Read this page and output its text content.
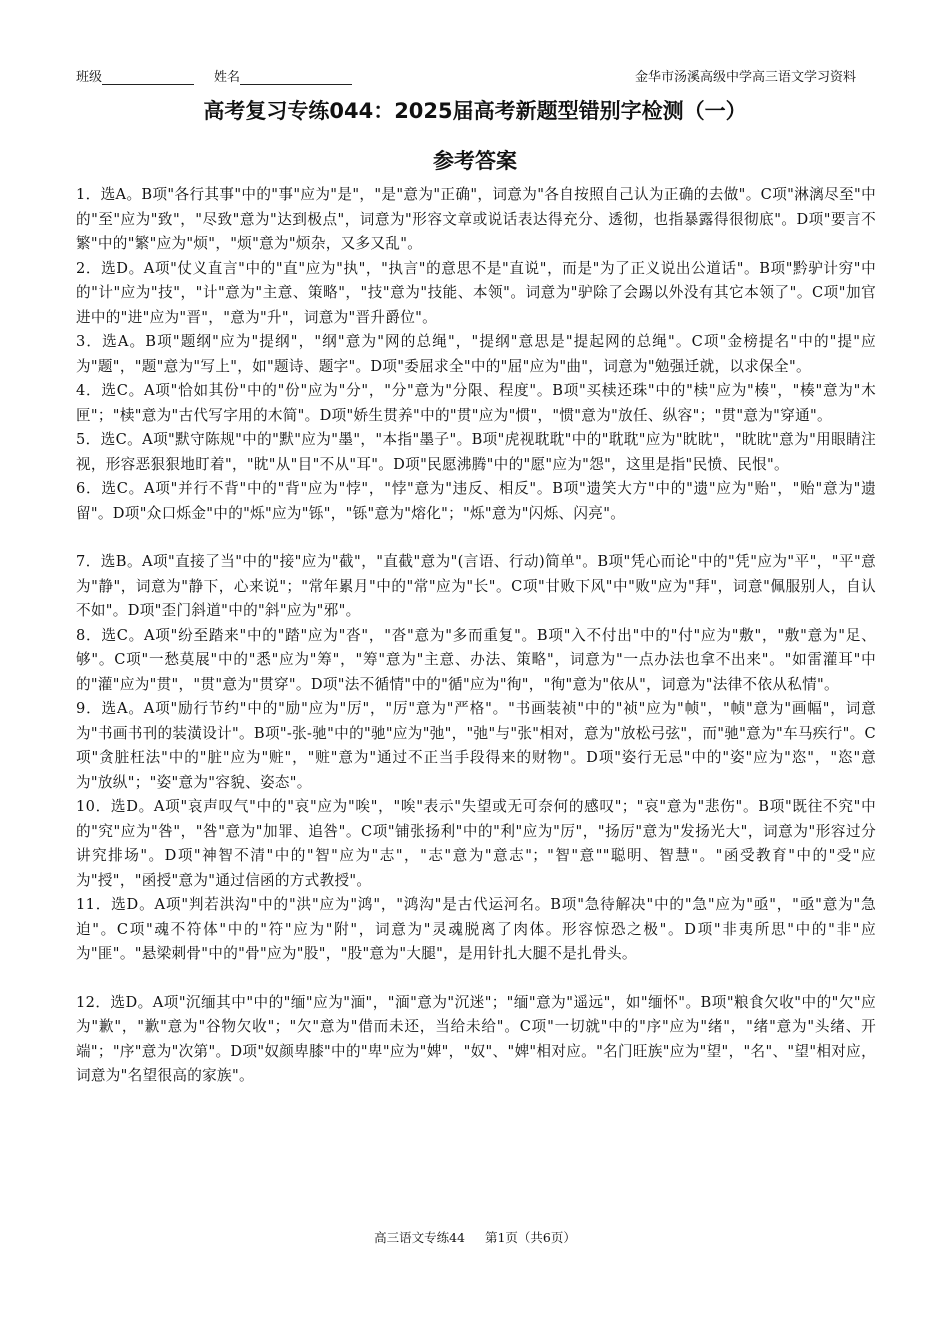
班级	姓名	金华市汤溪高级中学高三语文学习资料
高考复习专练044：2025届高考新题型错别字检测（一）
参考答案

1．选A。B项"各行其事"中的"事"应为"是"，"是"意为"正确"，词意为"各自按照自己认为正确的去做"。C项"淋漓尽至"中的"至"应为"致"，"尽致"意为"达到极点"，词意为"形容文章或说话表达得充分、透彻，也指暴露得很彻底"。D项"要言不繁"中的"繁"应为"烦"，"烦"意为"烦杂，又多又乱"。

2．选D。A项"仗义直言"中的"直"应为"执"，"执言"的意思不是"直说"，而是"为了正义说出公道话"。B项"黔驴计穷"中的"计"应为"技"，"计"意为"主意、策略"，"技"意为"技能、本领"。词意为"驴除了会踢以外没有其它本领了"。C项"加官进中的"进"应为"晋"，"意为"升"，词意为"晋升爵位"。

3．选A。B项"题纲"应为"提纲"，"纲"意为"网的总绳"，"提纲"意思是"提起网的总绳"。C项"金榜提名"中的"提"应为"题"，"题"意为"写上"，如"题诗、题字"。D项"委屈求全"中的"屈"应为"曲"，词意为"勉强迁就，以求保全"。

4．选C。A项"恰如其份"中的"份"应为"分"，"分"意为"分限、程度"。B项"买椟还珠"中的"椟"应为"楱"，"楱"意为"木匣"；"椟"意为"古代写字用的木简"。D项"娇生贯养"中的"贯"应为"惯"，"惯"意为"放任、纵容"；"贯"意为"穿通"。

5．选C。A项"默守陈规"中的"默"应为"墨"，"本指"墨子"。B项"虎视耽耽"中的"耽耽"应为"眈眈"，"眈眈"意为"用眼睛注视，形容恶狠狠地盯着"，"眈"从"目"不从"耳"。D项"民愿沸腾"中的"愿"应为"怨"，这里是指"民愤、民恨"。

6．选C。A项"并行不背"中的"背"应为"悖"，"悖"意为"违反、相反"。B项"遗笑大方"中的"遗"应为"贻"，"贻"意为"遗留"。D项"众口烁金"中的"烁"应为"铄"，"铄"意为"熔化"；"烁"意为"闪烁、闪亮"。

7．选B。A项"直接了当"中的"接"应为"截"，"直截"意为"(言语、行动)简单"。B项"凭心而论"中的"凭"应为"平"，"平"意为"静"，词意为"静下，心来说"；"常年累月"中的"常"应为"长"。C项"甘败下风"中"败"应为"拜"，词意"佩服别人，自认不如"。D项"歪门斜道"中的"斜"应为"邪"。

8．选C。A项"纷至踏来"中的"踏"应为"沓"，"沓"意为"多而重复"。B项"入不付出"中的"付"应为"敷"，"敷"意为"足、够"。C项"一愁莫展"中的"悉"应为"筹"，"筹"意为"主意、办法、策略"，词意为"一点办法也拿不出来"。"如雷灌耳"中的"灌"应为"贯"，"贯"意为"贯穿"。D项"法不循情"中的"循"应为"徇"，"徇"意为"依从"，词意为"法律不依从私情"。

9．选A。A项"励行节约"中的"励"应为"厉"，"厉"意为"严格"。"书画装祯"中的"祯"应为"帧"，"帧"意为"画幅"，词意为"书画书刊的装潢设计"。B项"-张-驰"中的"驰"应为"弛"，"弛"与"张"相对，意为"放松弓弦"，而"驰"意为"车马疾行"。C项"贪脏枉法"中的"脏"应为"赃"，"赃"意为"通过不正当手段得来的财物"。D项"姿行无忌"中的"姿"应为"恣"，"恣"意为"放纵"；"姿"意为"容貌、姿态"。

10．选D。A项"哀声叹气"中的"哀"应为"唉"，"唉"表示"失望或无可奈何的感叹"；"哀"意为"悲伤"。B项"既往不究"中的"究"应为"咎"，"咎"意为"加罪、追咎"。C项"铺张扬利"中的"利"应为"厉"，"扬厉"意为"发扬光大"，词意为"形容过分讲究排场"。D项"神智不清"中的"智"应为"志"，"志"意为"意志"；"智"意""聪明、智慧"。"函受教育"中的"受"应为"授"，"函授"意为"通过信函的方式教授"。

11．选D。A项"判若洪沟"中的"洪"应为"鸿"，"鸿沟"是古代运河名。B项"急待解决"中的"急"应为"亟"，"亟"意为"急迫"。C项"魂不符体"中的"符"应为"附"，词意为"灵魂脱离了肉体。形容惊恐之极"。D项"非夷所思"中的"非"应为"匪"。"悬梁刺骨"中的"骨"应为"股"，"股"意为"大腿"，是用针扎大腿不是扎骨头。

12．选D。A项"沉缅其中"中的"缅"应为"湎"，"湎"意为"沉迷"；"缅"意为"遥远"，如"缅怀"。B项"粮食欠收"中的"欠"应为"歉"，"歉"意为"谷物欠收"；"欠"意为"借而未还，当给未给"。C项"一切就"中的"序"应为"绪"，"绪"意为"头绪、开端"；"序"意为"次第"。D项"奴颜卑膝"中的"卑"应为"婢"，"奴"、"婢"相对应。"名门旺族"应为"望"，"名"、"望"相对应，词意为"名望很高的家族"。

高三语文专练44 第1页（共6页）
